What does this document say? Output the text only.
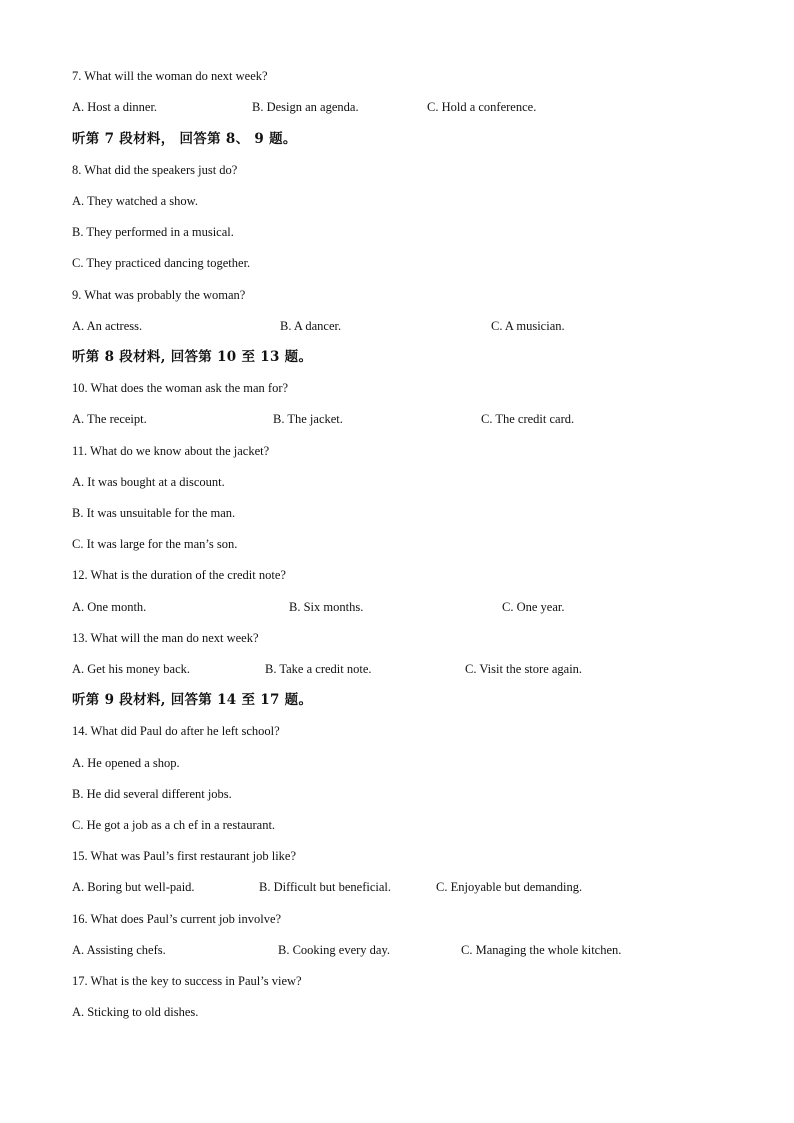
7. What will the woman do next week?
A. Host a dinner.	B. Design an agenda.	C. Hold a conference.
听第 7 段材料， 回答第 8、 9 题。
8. What did the speakers just do?
A. They watched a show.
B. They performed in a musical.
C. They practiced dancing together.
9. What was probably the woman?
A. An actress.	B. A dancer.	C. A musician.
听第 8 段材料, 回答第 10 至 13 题。
10. What does the woman ask the man for?
A. The receipt.	B. The jacket.	C. The credit card.
11. What do we know about the jacket?
A. It was bought at a discount.
B. It was unsuitable for the man.
C. It was large for the man’s son.
12. What is the duration of the credit note?
A. One month.	B. Six months.	C. One year.
13. What will the man do next week?
A. Get his money back.	B. Take a credit note.	C. Visit the store again.
听第 9 段材料, 回答第 14 至 17 题。
14. What did Paul do after he left school?
A. He opened a shop.
B. He did several different jobs.
C. He got a job as a ch ef in a restaurant.
15. What was Paul’s first restaurant job like?
A. Boring but well-paid.	B. Difficult but beneficial.	C. Enjoyable but demanding.
16. What does Paul’s current job involve?
A. Assisting chefs.	B. Cooking every day.	C. Managing the whole kitchen.
17. What is the key to success in Paul’s view?
A. Sticking to old dishes.
